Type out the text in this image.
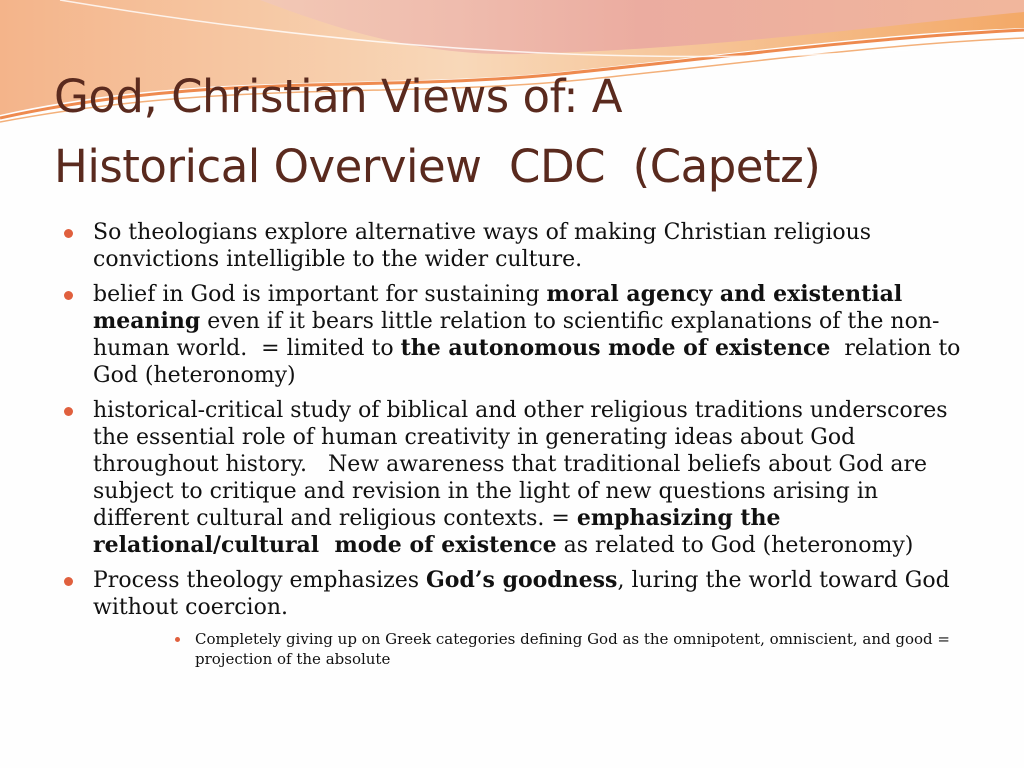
God, Christian Views of: A
Historical Overview  CDC  (Capetz)
So theologians explore alternative ways of making Christian religious convictions intelligible to the wider culture.
belief in God is important for sustaining moral agency and existential meaning even if it bears little relation to scientific explanations of the non-human world.  = limited to the autonomous mode of existence  relation to God (heteronomy)
historical-critical study of biblical and other religious traditions underscores the essential role of human creativity in generating ideas about God throughout history.   New awareness that traditional beliefs about God are subject to critique and revision in the light of new questions arising in different cultural and religious contexts. = emphasizing the relational/cultural  mode of existence as related to God (heteronomy)
Process theology emphasizes God’s goodness, luring the world toward God without coercion.
Completely giving up on Greek categories defining God as the omnipotent, omniscient, and good = projection of the absolute
